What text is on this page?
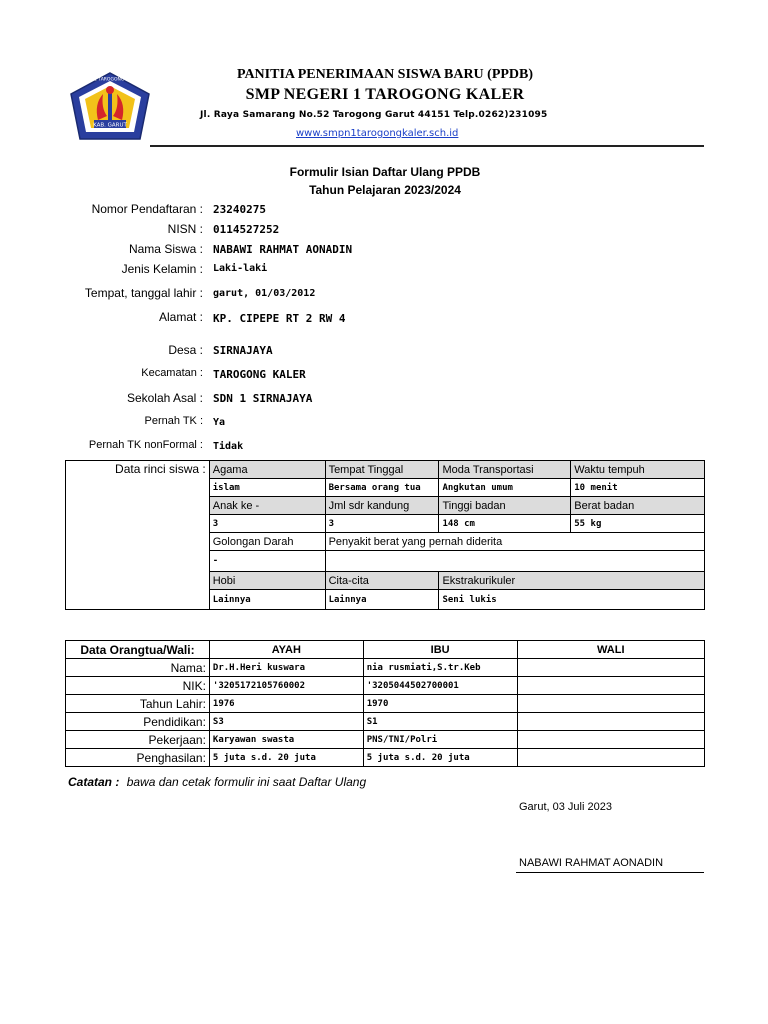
KAB. GARUT
SMPN 1 TAROGONG KALER	PANITIA PENERIMAAN SISWA BARU (PPDB)
SMP NEGERI 1 TAROGONG KALER
Jl. Raya Samarang No.52 Tarogong Garut 44151 Telp.0262)231095
www.smpn1tarogongkaler.sch.id
Formulir Isian Daftar Ulang PPDB
Tahun Pelajaran 2023/2024
Nomor Pendaftaran : 23240275
NISN : 0114527252
Nama Siswa : NABAWI RAHMAT AONADIN
Jenis Kelamin : Laki-laki
Tempat, tanggal lahir : garut, 01/03/2012
Alamat : KP. CIPEPE RT 2 RW 4
Desa : SIRNAJAYA
Kecamatan : TAROGONG KALER
Sekolah Asal : SDN 1 SIRNAJAYA
Pernah TK : Ya
Pernah TK nonFormal : Tidak
Data rinci siswa :	Agama	Tempat Tinggal	Moda Transportasi	Waktu tempuh
	islam	Bersama orang tua	Angkutan umum	10 menit
	Anak ke -	Jml sdr kandung	Tinggi badan	Berat badan
	3	3	148 cm	55 kg
	Golongan Darah	Penyakit berat yang pernah diderita		
	-			
	Hobi	Cita-cita	Ekstrakurikuler	
	Lainnya	Lainnya	Seni lukis	
Data Orangtua/Wali:	AYAH	IBU	WALI
Nama:	Dr.H.Heri kuswara	nia rusmiati,S.tr.Keb	
NIK:	'3205172105760002	'3205044502700001	
Tahun Lahir:	1976	1970	
Pendidikan:	S3	S1	
Pekerjaan:	Karyawan swasta	PNS/TNI/Polri	
Penghasilan:	5 juta s.d. 20 juta	5 juta s.d. 20 juta	
Catatan : bawa dan cetak formulir ini saat Daftar Ulang
Garut, 03 Juli 2023
NABAWI RAHMAT AONADIN
